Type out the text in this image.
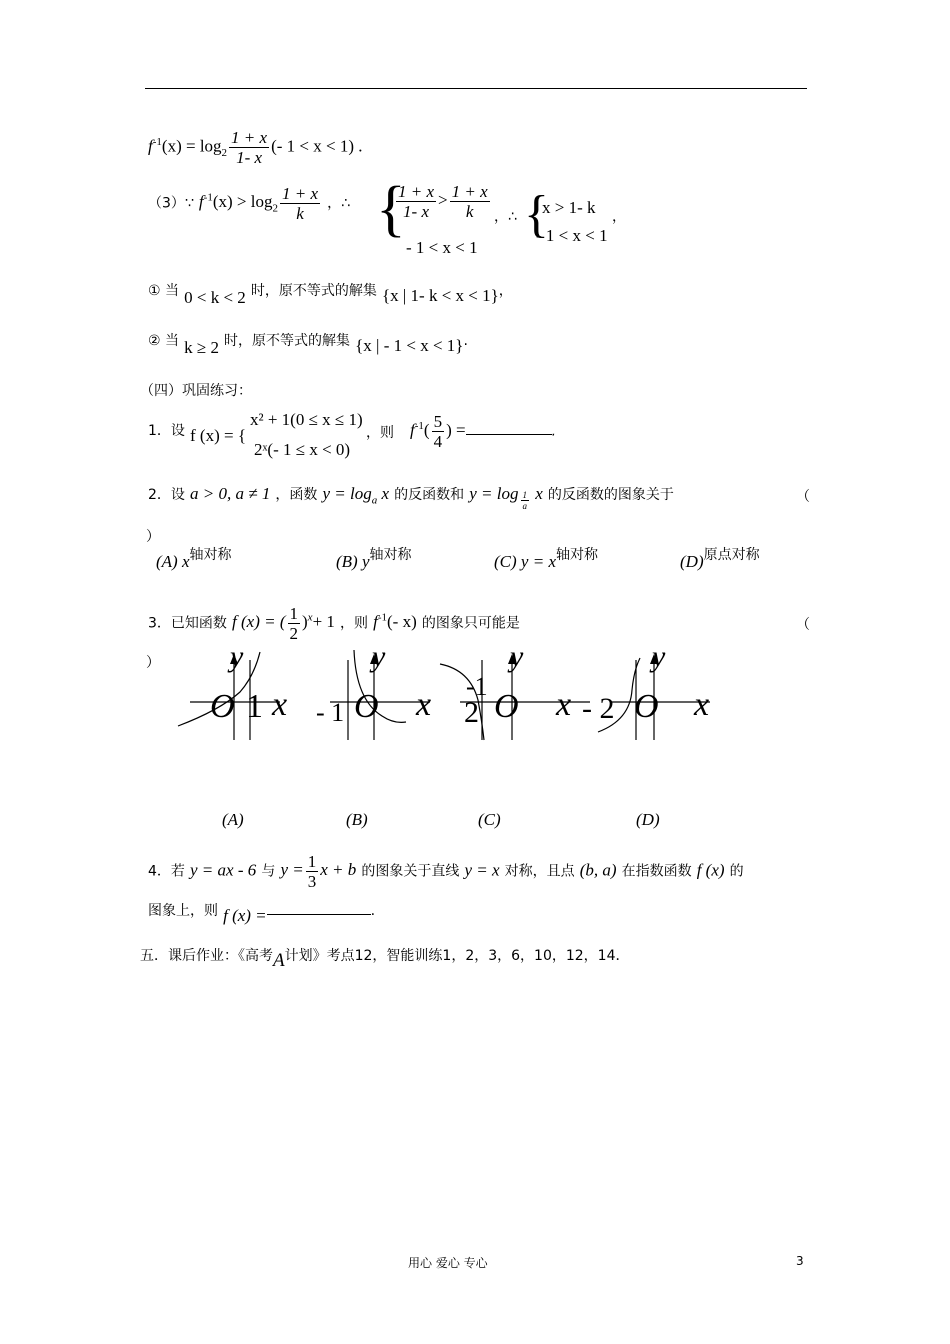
$f^{-1}(x) = \log_2 \frac{1 + x}{1- x}$ (- 1 < x < 1) .
（3）∵ $f^{-1}(x) > \log_2 \frac{1 + x}{k}$ ，∴ {
$\frac{1 + x}{1- x} > \frac{1 + x}{k}$
- 1 < x < 1
，∴ {
x > 1- k
- 1 < x < 1
，
① 当 0 < k < 2 时，原不等式的解集 {x | 1- k < x < 1}，
② 当 k ≥ 2 时，原不等式的解集 {x | - 1 < x < 1}.
（四）巩固练习：
1．设 f (x) = {
x² + 1(0 ≤ x ≤ 1)
2ˣ(- 1 ≤ x < 0)
，则 $f^{-1}( \frac{5}{4}$ ) =	.
2．设 a > 0, a ≠ 1 ，函数 $y = \log_a x$ 的反函数和 y = log $_{\frac{1}{a}}$ x 的反函数的图象关于	（
）
(A) x轴对称	(B) y轴对称	(C) y = x轴对称	(D)原点对称
3．已知函数 f (x) = ( $\frac{1}{2} )^x+ 1$ ，则 $f^{-1}(-$ x) 的图象只可能是	（
） y
O 1 x
y
- 1 O x
y
-1
2 O x
y
- 2 O x
(A)	(B)	(C)	(D)
4．若 y = ax - 6 与 $y = \frac{1}{3}$ x + b 的图象关于直线 y = x 对称，且点 (b, a) 在指数函数 f (x) 的
图象上，则 f (x) =	.
五．课后作业：《高考A计划》考点12，智能训练1，2，3，6，10，12，14．
用心 爱心 专心	3
